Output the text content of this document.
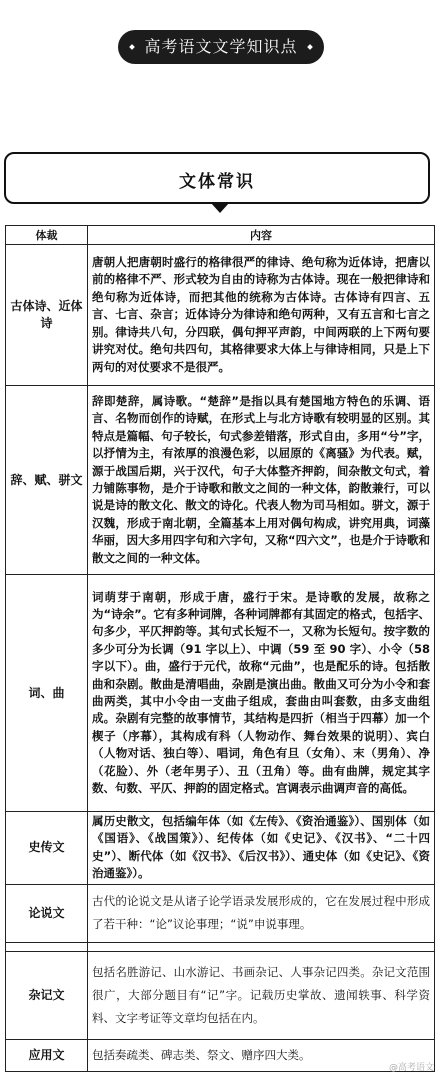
高考语文文学知识点
文体常识
体裁	内容
古体诗、近体诗	唐朝人把唐朝时盛行的格律很严的律诗、绝句称为近体诗，把唐以前的格律不严、形式较为自由的诗称为古体诗。现在一般把律诗和绝句称为近体诗，而把其他的统称为古体诗。古体诗有四言、五言、七言、杂言；近体诗分为律诗和绝句两种，又有五言和七言之别。律诗共八句，分四联，偶句押平声韵，中间两联的上下两句要讲究对仗。绝句共四句，其格律要求大体上与律诗相同，只是上下两句的对仗要求不是很严。
辞、赋、骈文	辞即楚辞，属诗歌。“楚辞”是指以具有楚国地方特色的乐调、语言、名物而创作的诗赋，在形式上与北方诗歌有较明显的区别。其特点是篇幅、句子较长，句式参差错落，形式自由，多用“兮”字，以抒情为主，有浓厚的浪漫色彩，以屈原的《离骚》为代表。赋，源于战国后期，兴于汉代，句子大体整齐押韵，间杂散文句式，着力铺陈事物，是介于诗歌和散文之间的一种文体，韵散兼行，可以说是诗的散文化、散文的诗化。代表人物为司马相如。骈文，源于汉魏，形成于南北朝，全篇基本上用对偶句构成，讲究用典，词藻华丽，因大多用四字句和六字句，又称“四六文”，也是介于诗歌和散文之间的一种文体。
词、曲	词萌芽于南朝，形成于唐，盛行于宋。是诗歌的发展，故称之为“诗余”。它有多种词牌，各种词牌都有其固定的格式，包括字、句多少，平仄押韵等。其句式长短不一，又称为长短句。按字数的多少可分为长调（91 字以上）、中调（59 至 90 字）、小令（58 字以下）。曲，盛行于元代，故称“元曲”，也是配乐的诗。包括散曲和杂剧。散曲是清唱曲，杂剧是演出曲。散曲又可分为小令和套曲两类，其中小令由一支曲子组成，套曲由叫套数，由多支曲组成。杂剧有完整的故事情节，其结构是四折（相当于四幕）加一个楔子（序幕），其构成有科（人物动作、舞台效果的说明）、宾白（人物对话、独白等）、唱词，角色有旦（女角）、末（男角）、净（花脸）、外（老年男子）、丑（丑角）等。曲有曲牌，规定其字数、句数、平仄、押韵的固定格式。宫调表示曲调声音的高低。
史传文	属历史散文，包括编年体（如《左传》、《资治通鉴》）、国别体（如《国语》、《战国策》）、纪传体（如《史记》、《汉书》、“二十四史”）、断代体（如《汉书》、《后汉书》）、通史体（如《史记》、《资治通鉴》）。
论说文	古代的论说文是从诸子论学语录发展形成的，它在发展过程中形成了若干种：“论”议论事理；“说”申说事理。

杂记文	包括名胜游记、山水游记、书画杂记、人事杂记四类。杂记文范围很广，大部分题目有“记”字。记载历史掌故、遗闻轶事、科学资料、文字考证等文章均包括在内。
应用文	包括奏疏类、碑志类、祭文、赠序四大类。
@高考语文
